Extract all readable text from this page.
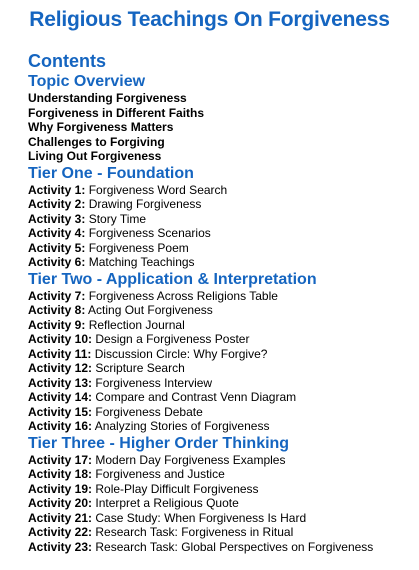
Religious Teachings On Forgiveness
Contents
Topic Overview
Understanding Forgiveness
Forgiveness in Different Faiths
Why Forgiveness Matters
Challenges to Forgiving
Living Out Forgiveness
Tier One - Foundation
Activity 1: Forgiveness Word Search
Activity 2: Drawing Forgiveness
Activity 3: Story Time
Activity 4: Forgiveness Scenarios
Activity 5: Forgiveness Poem
Activity 6: Matching Teachings
Tier Two - Application & Interpretation
Activity 7: Forgiveness Across Religions Table
Activity 8: Acting Out Forgiveness
Activity 9: Reflection Journal
Activity 10: Design a Forgiveness Poster
Activity 11: Discussion Circle: Why Forgive?
Activity 12: Scripture Search
Activity 13: Forgiveness Interview
Activity 14: Compare and Contrast Venn Diagram
Activity 15: Forgiveness Debate
Activity 16: Analyzing Stories of Forgiveness
Tier Three - Higher Order Thinking
Activity 17: Modern Day Forgiveness Examples
Activity 18: Forgiveness and Justice
Activity 19: Role-Play Difficult Forgiveness
Activity 20: Interpret a Religious Quote
Activity 21: Case Study: When Forgiveness Is Hard
Activity 22: Research Task: Forgiveness in Ritual
Activity 23: Research Task: Global Perspectives on Forgiveness
